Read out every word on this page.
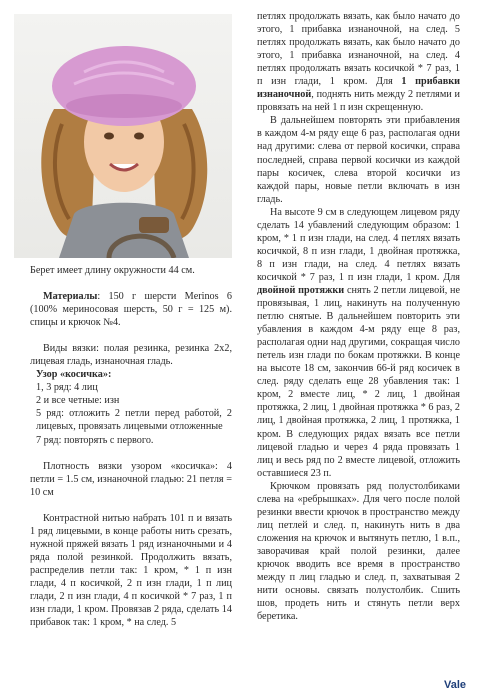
Берет имеет длину окружности 44 см.

Материалы: 150 г шерсти Merinos 6 (100% мериносовая шерсть, 50 г = 125 м). спицы и крючок №4.

Виды вязки: полая резинка, резинка 2x2, лицевая гладь, изнаночная гладь.

Узор «косичка»:

1, 3 ряд: 4 лиц

2 и все четные: изн

5 ряд: отложить 2 петли перед работой, 2 лицевых, провязать лицевыми отложенные

7 ряд: повторять с первого.

Плотность вязки узором «косичка»: 4 петли = 1.5 см, изнаночной гладью: 21 петля = 10 см

Контрастной нитью набрать 101 п и вязать 1 ряд лицевыми, в конце работы нить срезать, нужной пряжей вязать 1 ряд изнаночными и 4 ряда полой резинкой. Продолжить вязать, распределив петли так: 1 кром, * 1 п изн глади, 4 п косичкой, 2 п изн глади, 1 п лиц глади, 2 п изн глади, 4 п косичкой * 7 раз, 1 п изн глади, 1 кром. Провязав 2 ряда, сделать 14 прибавок так: 1 кром, * на след. 5

петлях продолжать вязать, как было начато до этого, 1 прибавка изнаночной, на след. 5 петлях продолжать вязать, как было начато до этого, 1 прибавка изнаночной, на след. 4 петлях продолжать вязать косичкой * 7 раз, 1 п изн глади, 1 кром. Для 1 прибавки изнаночной, поднять нить между 2 петлями и провязать на ней 1 п изн скрещенную.

В дальнейшем повторять эти прибавления в каждом 4-м ряду еще 6 раз, располагая одни над другими: слева от первой косички, справа последней, справа первой косички из каждой пары косичек, слева второй косички из каждой пары, новые петли включать в изн гладь.

На высоте 9 см в следующем лицевом ряду сделать 14 убавлений следующим образом: 1 кром, * 1 п изн глади, на след. 4 петлях вязать косичкой, 8 п изн глади, 1 двойная протяжка, 8 п изн глади, на след. 4 петлях вязать косичкой * 7 раз, 1 п изн глади, 1 кром. Для двойной протяжки снять 2 петли лицевой, не провязывая, 1 лиц, накинуть на полученную петлю снятые. В дальнейшем повторить эти убавления в каждом 4-м ряду еще 8 раз, располагая одни над другими, сокращая число петель изн глади по бокам протяжки. В конце на высоте 18 см, закончив 66-й ряд косичек в след. ряду сделать еще 28 убавления так: 1 кром, 2 вместе лиц, * 2 лиц, 1 двойная протяжка, 2 лиц, 1 двойная протяжка * 6 раз, 2 лиц, 1 двойная протяжка, 2 лиц, 1 протяжка, 1 кром. В следующих рядах вязать все петли лицевой гладью и через 4 ряда провязать 1 лиц и весь ряд по 2 вместе лицевой, отложить оставшиеся 23 п.

Крючком провязать ряд полустолбиками слева на «ребрышках». Для чего после полой резинки ввести крючок в пространство между лиц петлей и след. п, накинуть нить в два сложения на крючок и вытянуть петлю, 1 в.п., заворачивая край полой резинки, далее крючок вводить все время в пространство между п лиц гладью и след. п, захватывая 2 нити основы. связать полустолбик. Сшить шов, продеть нить и стянуть петли верх беретика.

Vale
